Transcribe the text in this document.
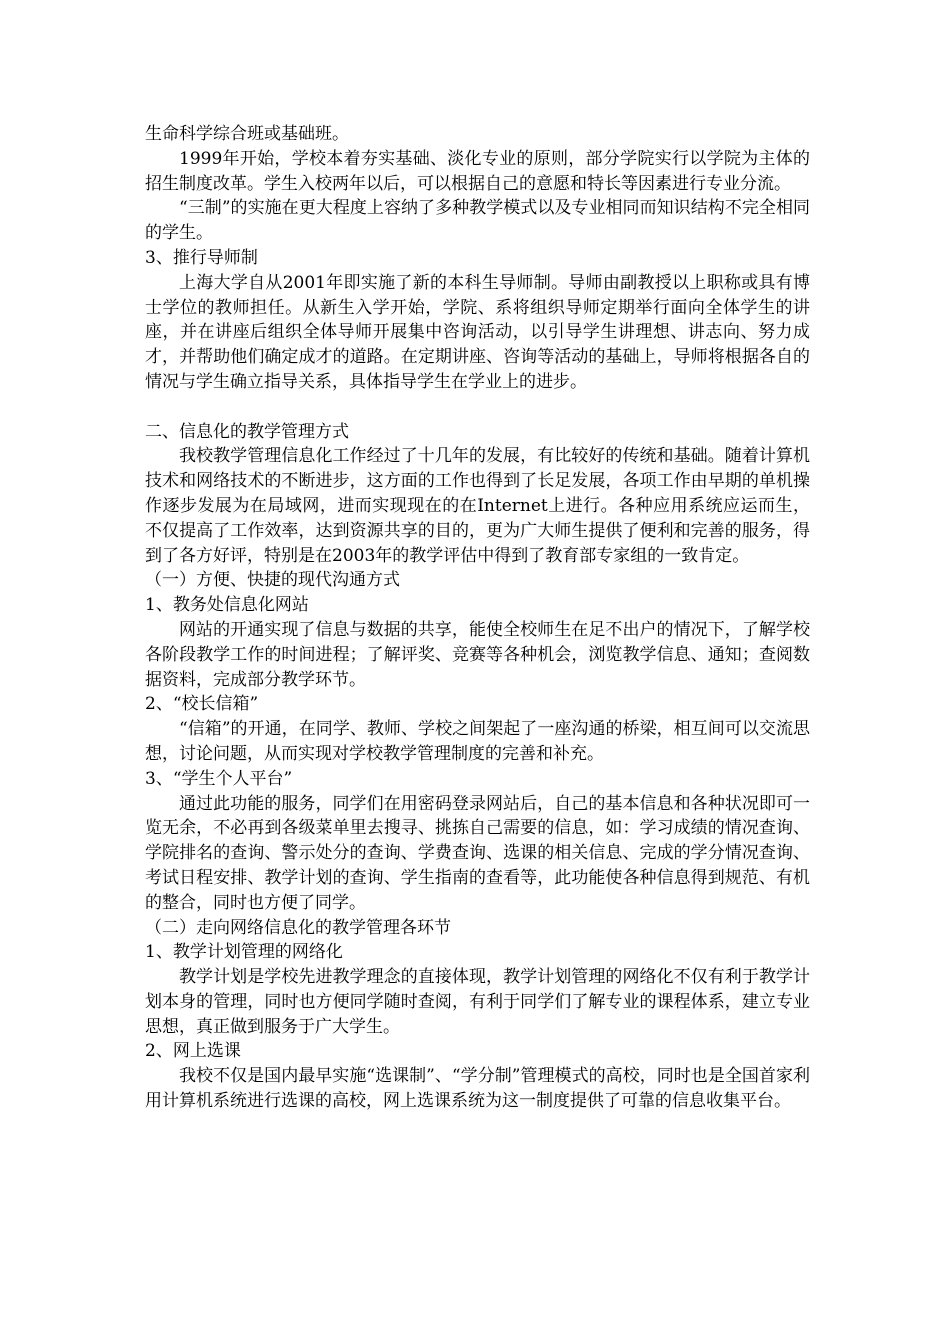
生命科学综合班或基础班。

1999年开始，学校本着夯实基础、淡化专业的原则，部分学院实行以学院为主体的招生制度改革。学生入校两年以后，可以根据自己的意愿和特长等因素进行专业分流。

“三制”的实施在更大程度上容纳了多种教学模式以及专业相同而知识结构不完全相同的学生。

3、推行导师制

上海大学自从2001年即实施了新的本科生导师制。导师由副教授以上职称或具有博士学位的教师担任。从新生入学开始，学院、系将组织导师定期举行面向全体学生的讲座，并在讲座后组织全体导师开展集中咨询活动，以引导学生讲理想、讲志向、努力成才，并帮助他们确定成才的道路。在定期讲座、咨询等活动的基础上，导师将根据各自的情况与学生确立指导关系，具体指导学生在学业上的进步。

二、信息化的教学管理方式

我校教学管理信息化工作经过了十几年的发展，有比较好的传统和基础。随着计算机技术和网络技术的不断进步，这方面的工作也得到了长足发展，各项工作由早期的单机操作逐步发展为在局域网，进而实现现在的在Internet上进行。各种应用系统应运而生，不仅提高了工作效率，达到资源共享的目的，更为广大师生提供了便利和完善的服务，得到了各方好评，特别是在2003年的教学评估中得到了教育部专家组的一致肯定。

（一）方便、快捷的现代沟通方式

1、教务处信息化网站

网站的开通实现了信息与数据的共享，能使全校师生在足不出户的情况下，了解学校各阶段教学工作的时间进程；了解评奖、竞赛等各种机会，浏览教学信息、通知；查阅数据资料，完成部分教学环节。

2、“校长信箱”

“信箱”的开通，在同学、教师、学校之间架起了一座沟通的桥梁，相互间可以交流思想，讨论问题，从而实现对学校教学管理制度的完善和补充。

3、“学生个人平台”

通过此功能的服务，同学们在用密码登录网站后，自己的基本信息和各种状况即可一览无余，不必再到各级菜单里去搜寻、挑拣自己需要的信息，如：学习成绩的情况查询、学院排名的查询、警示处分的查询、学费查询、选课的相关信息、完成的学分情况查询、考试日程安排、教学计划的查询、学生指南的查看等，此功能使各种信息得到规范、有机的整合，同时也方便了同学。

（二）走向网络信息化的教学管理各环节

1、教学计划管理的网络化

教学计划是学校先进教学理念的直接体现，教学计划管理的网络化不仅有利于教学计划本身的管理，同时也方便同学随时查阅，有利于同学们了解专业的课程体系，建立专业思想，真正做到服务于广大学生。

2、网上选课

我校不仅是国内最早实施“选课制”、“学分制”管理模式的高校，同时也是全国首家利用计算机系统进行选课的高校，网上选课系统为这一制度提供了可靠的信息收集平台。
